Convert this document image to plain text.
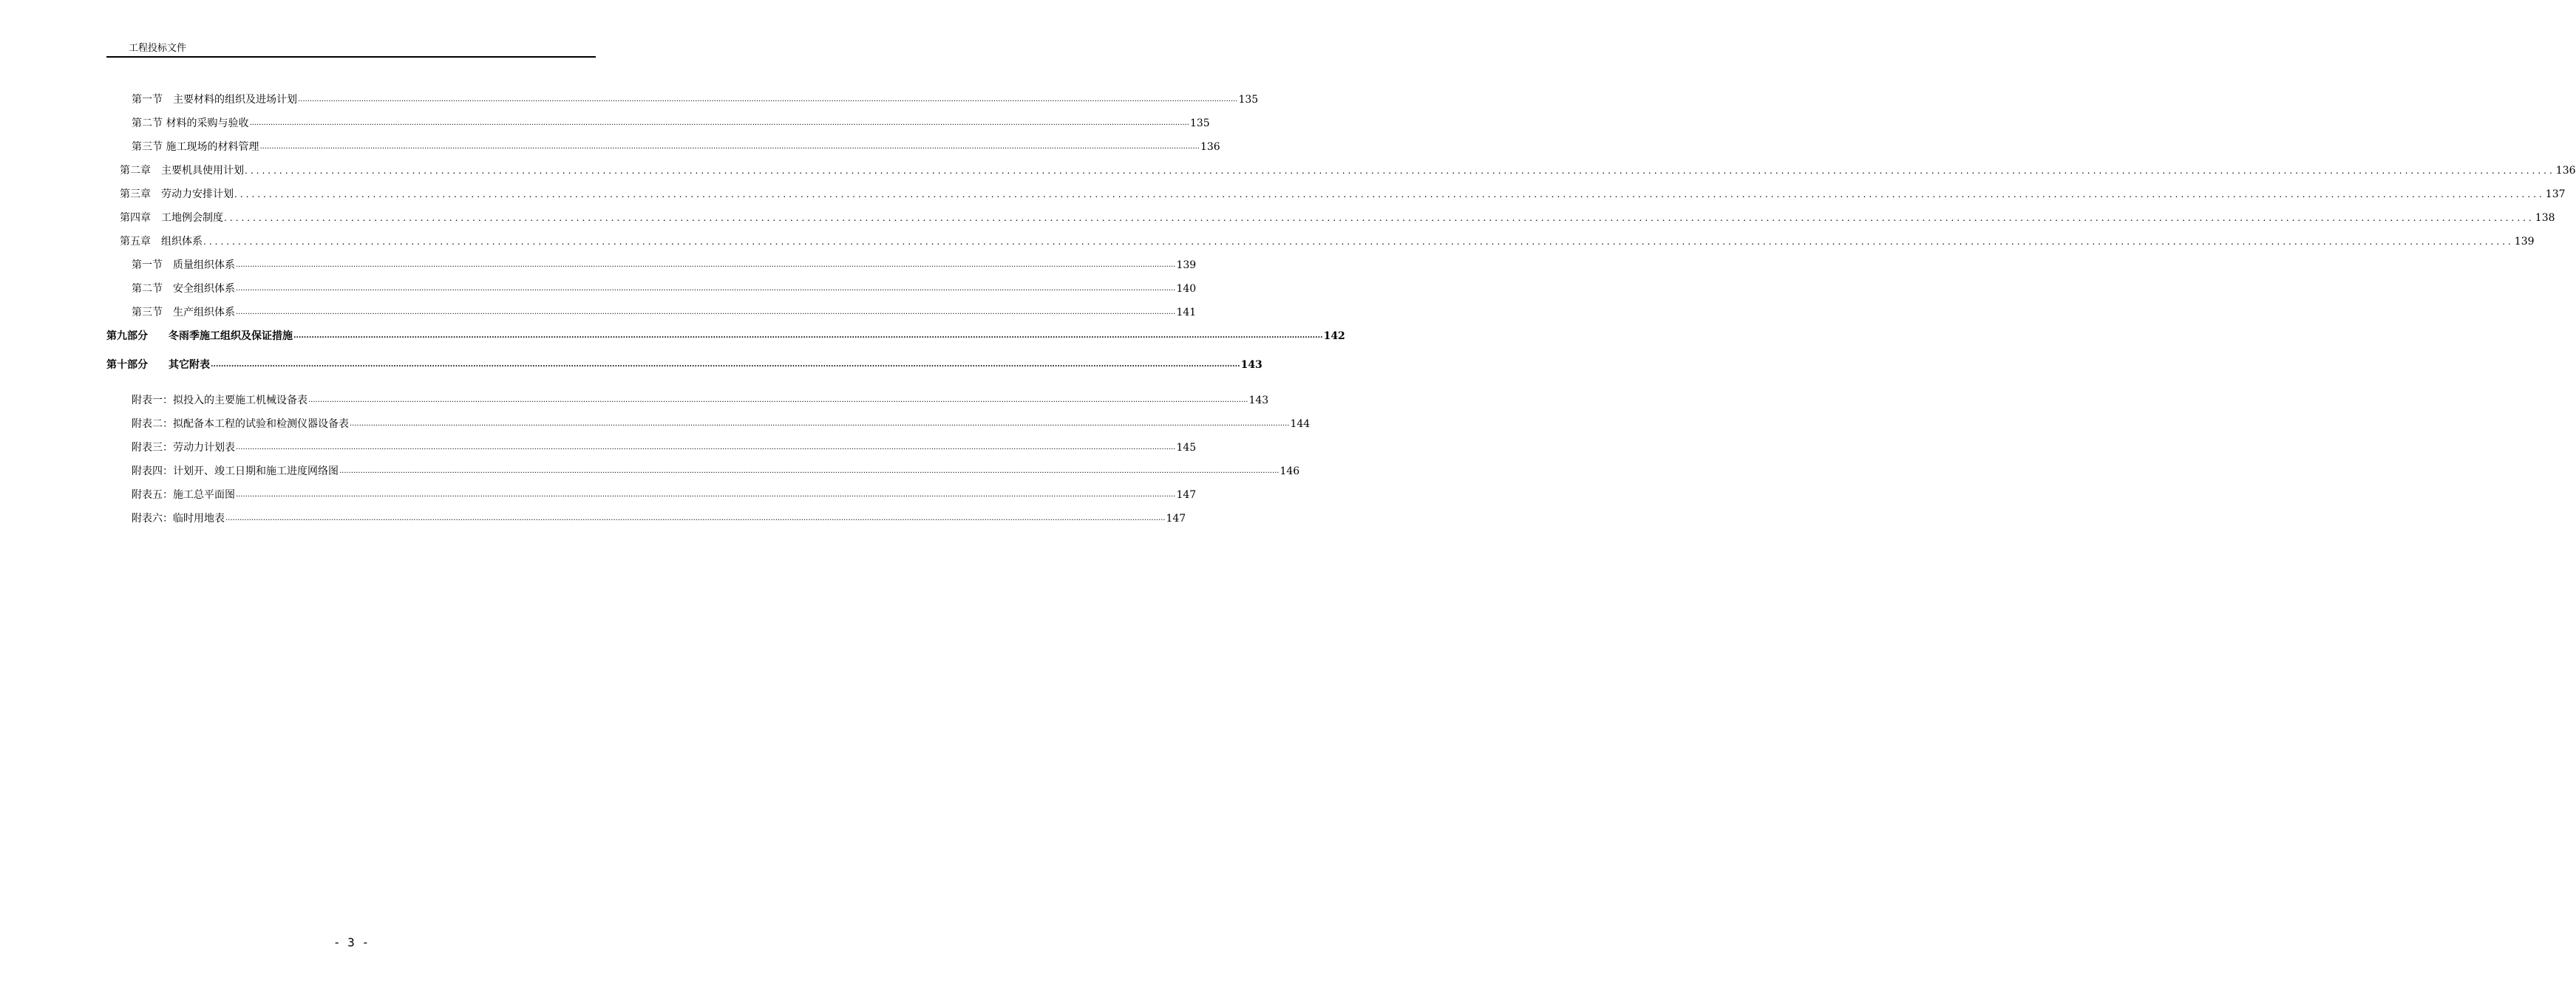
工程投标文件
第一节　主要材料的组织及进场计划 ................................................................................................................................................................................................................................................................................................................................................................................................................ 135
第二节 材料的采购与验收 ................................................................................................................................................................................................................................................................................................................................................................................................................ 135
第三节 施工现场的材料管理 ................................................................................................................................................................................................................................................................................................................................................................................................................ 136
第二章　主要机具使用计划 ................................................................................................................................................................................................................................................................................................................................................................................................................ 136
第三章　劳动力安排计划 ................................................................................................................................................................................................................................................................................................................................................................................................................ 137
第四章　工地例会制度 ................................................................................................................................................................................................................................................................................................................................................................................................................ 138
第五章　组织体系 ................................................................................................................................................................................................................................................................................................................................................................................................................ 139
第一节　质量组织体系 ................................................................................................................................................................................................................................................................................................................................................................................................................ 139
第二节　安全组织体系 ................................................................................................................................................................................................................................................................................................................................................................................................................ 140
第三节　生产组织体系 ................................................................................................................................................................................................................................................................................................................................................................................................................ 141
第九部分　　冬雨季施工组织及保证措施 ................................................................................................................................................................................................................................................................................................................................................................................................................ 142
第十部分　　其它附表 ................................................................................................................................................................................................................................................................................................................................................................................................................ 143
附表一：拟投入的主要施工机械设备表 ................................................................................................................................................................................................................................................................................................................................................................................................................ 143
附表二：拟配备本工程的试验和检测仪器设备表 ................................................................................................................................................................................................................................................................................................................................................................................................................ 144
附表三：劳动力计划表 ................................................................................................................................................................................................................................................................................................................................................................................................................ 145
附表四：计划开、竣工日期和施工进度网络图 ................................................................................................................................................................................................................................................................................................................................................................................................................ 146
附表五：施工总平面图 ................................................................................................................................................................................................................................................................................................................................................................................................................ 147
附表六：临时用地表 ................................................................................................................................................................................................................................................................................................................................................................................................................ 147
- 3 -
